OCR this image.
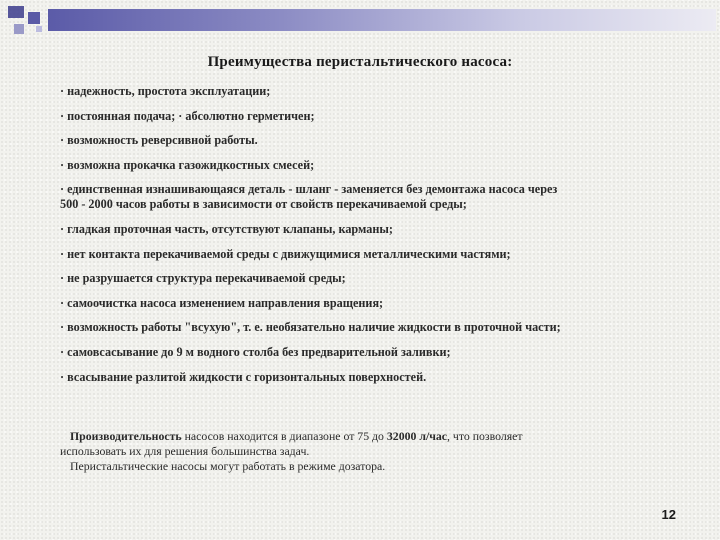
Преимущества перистальтического насоса:
· надежность, простота эксплуатации;
· постоянная подача; · абсолютно герметичен;
· возможность реверсивной работы.
· возможна прокачка газожидкостных смесей;
· единственная изнашивающаяся деталь - шланг - заменяется без демонтажа насоса через
500 - 2000 часов работы в зависимости от свойств перекачиваемой среды;
· гладкая проточная часть, отсутствуют клапаны, карманы;
· нет контакта перекачиваемой среды с движущимися металлическими частями;
· не разрушается структура перекачиваемой среды;
· самоочистка насоса изменением направления вращения;
· возможность работы "всухую", т. е. необязательно наличие жидкости в проточной части;
· самовсасывание до 9 м водного столба без предварительной заливки;
· всасывание разлитой жидкости с горизонтальных поверхностей.

Производительность насосов находится в диапазоне от 75 до 32000 л/час, что позволяет

использовать их для решения большинства задач.

Перистальтические насосы могут работать в режиме дозатора.

12
